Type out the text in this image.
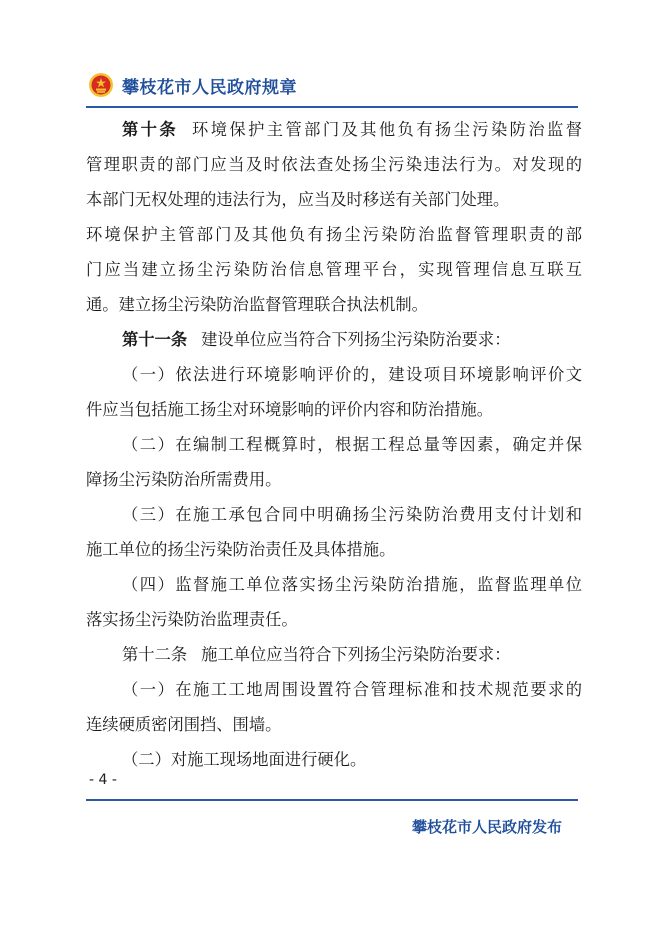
攀枝花市人民政府规章
第十条 环境保护主管部门及其他负有扬尘污染防治监督
管理职责的部门应当及时依法查处扬尘污染违法行为。对发现的
本部门无权处理的违法行为，应当及时移送有关部门处理。
环境保护主管部门及其他负有扬尘污染防治监督管理职责的部
门应当建立扬尘污染防治信息管理平台，实现管理信息互联互
通。建立扬尘污染防治监督管理联合执法机制。
第十一条 建设单位应当符合下列扬尘污染防治要求：
（一）依法进行环境影响评价的，建设项目环境影响评价文
件应当包括施工扬尘对环境影响的评价内容和防治措施。
（二）在编制工程概算时，根据工程总量等因素，确定并保
障扬尘污染防治所需费用。
（三）在施工承包合同中明确扬尘污染防治费用支付计划和
施工单位的扬尘污染防治责任及具体措施。
（四）监督施工单位落实扬尘污染防治措施，监督监理单位
落实扬尘污染防治监理责任。
第十二条 施工单位应当符合下列扬尘污染防治要求：
（一）在施工工地周围设置符合管理标准和技术规范要求的
连续硬质密闭围挡、围墙。
（二）对施工现场地面进行硬化。
- 4 -
攀枝花市人民政府发布
